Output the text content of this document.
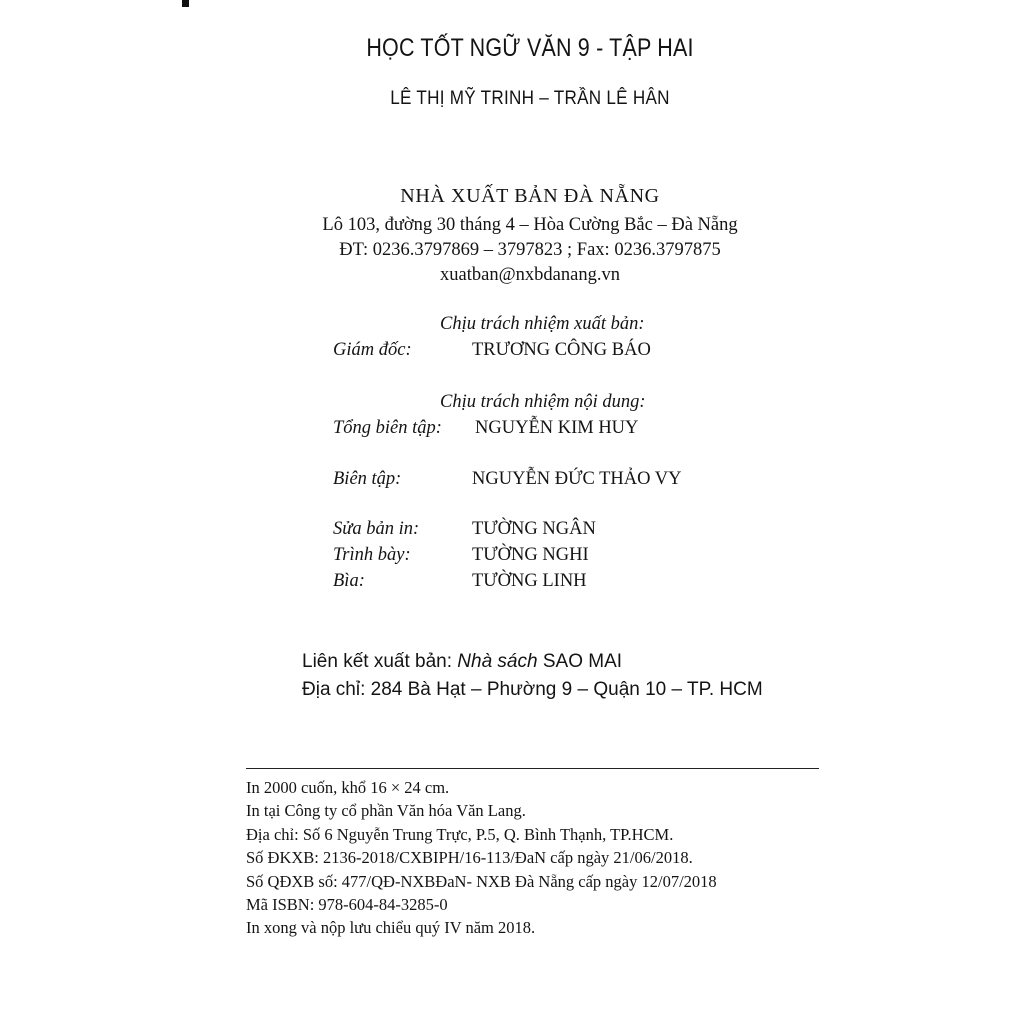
HỌC TỐT NGỮ VĂN 9 - TẬP HAI
LÊ THỊ MỸ TRINH – TRẦN LÊ HÂN
NHÀ XUẤT BẢN ĐÀ NẴNG
Lô 103, đường 30 tháng 4 – Hòa Cường Bắc – Đà Nẵng
ĐT: 0236.3797869 – 3797823 ; Fax: 0236.3797875
xuatban@nxbdanang.vn
Chịu trách nhiệm xuất bản:
Giám đốc:	TRƯƠNG CÔNG BÁO
Chịu trách nhiệm nội dung:
Tổng biên tập: NGUYỄN KIM HUY
Biên tập:	NGUYỄN ĐỨC THẢO VY
Sửa bản in:	TƯỜNG NGÂN
Trình bày:	TƯỜNG NGHI
Bìa:	TƯỜNG LINH
Liên kết xuất bản: Nhà sách SAO MAI
Địa chỉ: 284 Bà Hạt – Phường 9 – Quận 10 – TP. HCM
In 2000 cuốn, khổ 16 × 24 cm.
In tại Công ty cổ phần Văn hóa Văn Lang.
Địa chỉ: Số 6 Nguyễn Trung Trực, P.5, Q. Bình Thạnh, TP.HCM.
Số ĐKXB: 2136-2018/CXBIPH/16-113/ĐaN cấp ngày 21/06/2018.
Số QĐXB số: 477/QĐ-NXBĐaN- NXB Đà Nẵng cấp ngày 12/07/2018
Mã ISBN: 978-604-84-3285-0
In xong và nộp lưu chiểu quý IV năm 2018.
